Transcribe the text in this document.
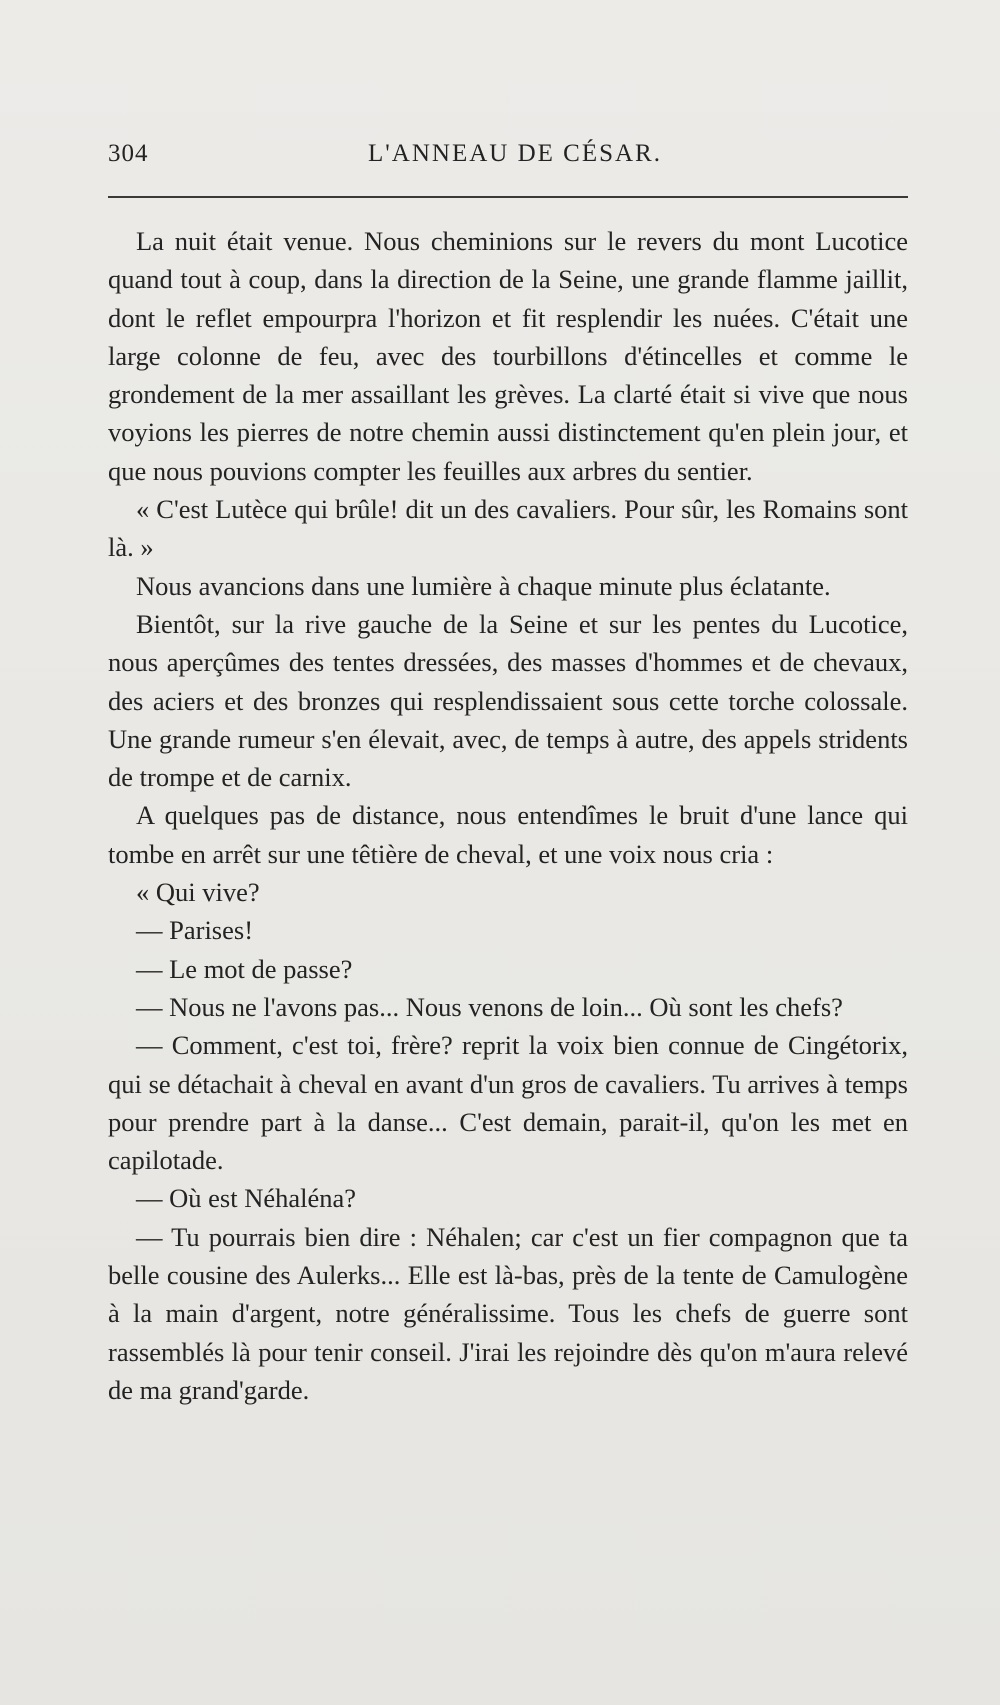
304	L'ANNEAU DE CÉSAR.

La nuit était venue. Nous cheminions sur le revers du mont Lucotice quand tout à coup, dans la direction de la Seine, une grande flamme jaillit, dont le reflet empourpra l'horizon et fit resplendir les nuées. C'était une large colonne de feu, avec des tourbillons d'étincelles et comme le grondement de la mer assaillant les grèves. La clarté était si vive que nous voyions les pierres de notre chemin aussi distinctement qu'en plein jour, et que nous pouvions compter les feuilles aux arbres du sentier.

« C'est Lutèce qui brûle! dit un des cavaliers. Pour sûr, les Romains sont là. »

Nous avancions dans une lumière à chaque minute plus éclatante.

Bientôt, sur la rive gauche de la Seine et sur les pentes du Lucotice, nous aperçûmes des tentes dressées, des masses d'hommes et de chevaux, des aciers et des bronzes qui resplendissaient sous cette torche colossale. Une grande rumeur s'en élevait, avec, de temps à autre, des appels stridents de trompe et de carnix.

A quelques pas de distance, nous entendîmes le bruit d'une lance qui tombe en arrêt sur une têtière de cheval, et une voix nous cria :

« Qui vive?

— Parises!

— Le mot de passe?

— Nous ne l'avons pas... Nous venons de loin... Où sont les chefs?

— Comment, c'est toi, frère? reprit la voix bien connue de Cingétorix, qui se détachait à cheval en avant d'un gros de cavaliers. Tu arrives à temps pour prendre part à la danse... C'est demain, parait-il, qu'on les met en capilotade.

— Où est Néhaléna?

— Tu pourrais bien dire : Néhalen; car c'est un fier compagnon que ta belle cousine des Aulerks... Elle est là-bas, près de la tente de Camulogène à la main d'argent, notre généralissime. Tous les chefs de guerre sont rassemblés là pour tenir conseil. J'irai les rejoindre dès qu'on m'aura relevé de ma grand'garde.
